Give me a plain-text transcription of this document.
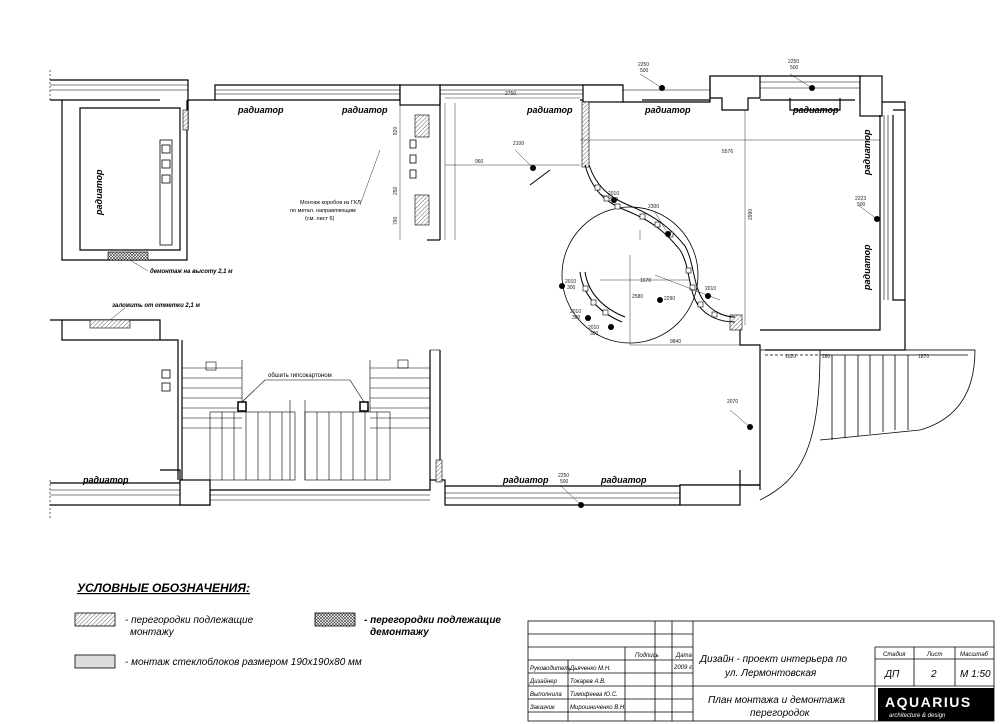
радиатор	радиатор	радиатор	радиатор	радиатор
радиатор	радиатор	радиатор
радиатор
радиатор
радиатор
Монтаж коробов из ГКЛ
по метал. направляющим
(см. лист 6)
демонтаж на высоту 2,1 м
заложить от отметки 2,1 м
обшить гипсокартоном
2250
500
2250
500
2223
500
2250
500
2750
5576
2990
2100
2070
2010
300
2300
2580	2290
2010
2010
300
2010
300
2010
300
9840
1670
960
1620	280	1870
250
820
790
УСЛОВНЫЕ ОБОЗНАЧЕНИЯ:
- перегородки подлежащие
монтажу
- перегородки подлежащие
демонтажу
- монтаж стеклоблоков размером 190х190х80 мм
Подпись	Дата
2009 г.
Руководитель Дьяченко М.Н.
Дизайнер Токарев А.В.
Выполнила Тимофеева Ю.С.
Заказчик	Мирошниченко В.Н.
Дизайн - проект интерьера по
ул. Лермонтовская
План монтажа и демонтажа
перегородок
Стадия	Лист	Масштаб
ДП	2 М 1:50
AQUARIUS
architecture & design
